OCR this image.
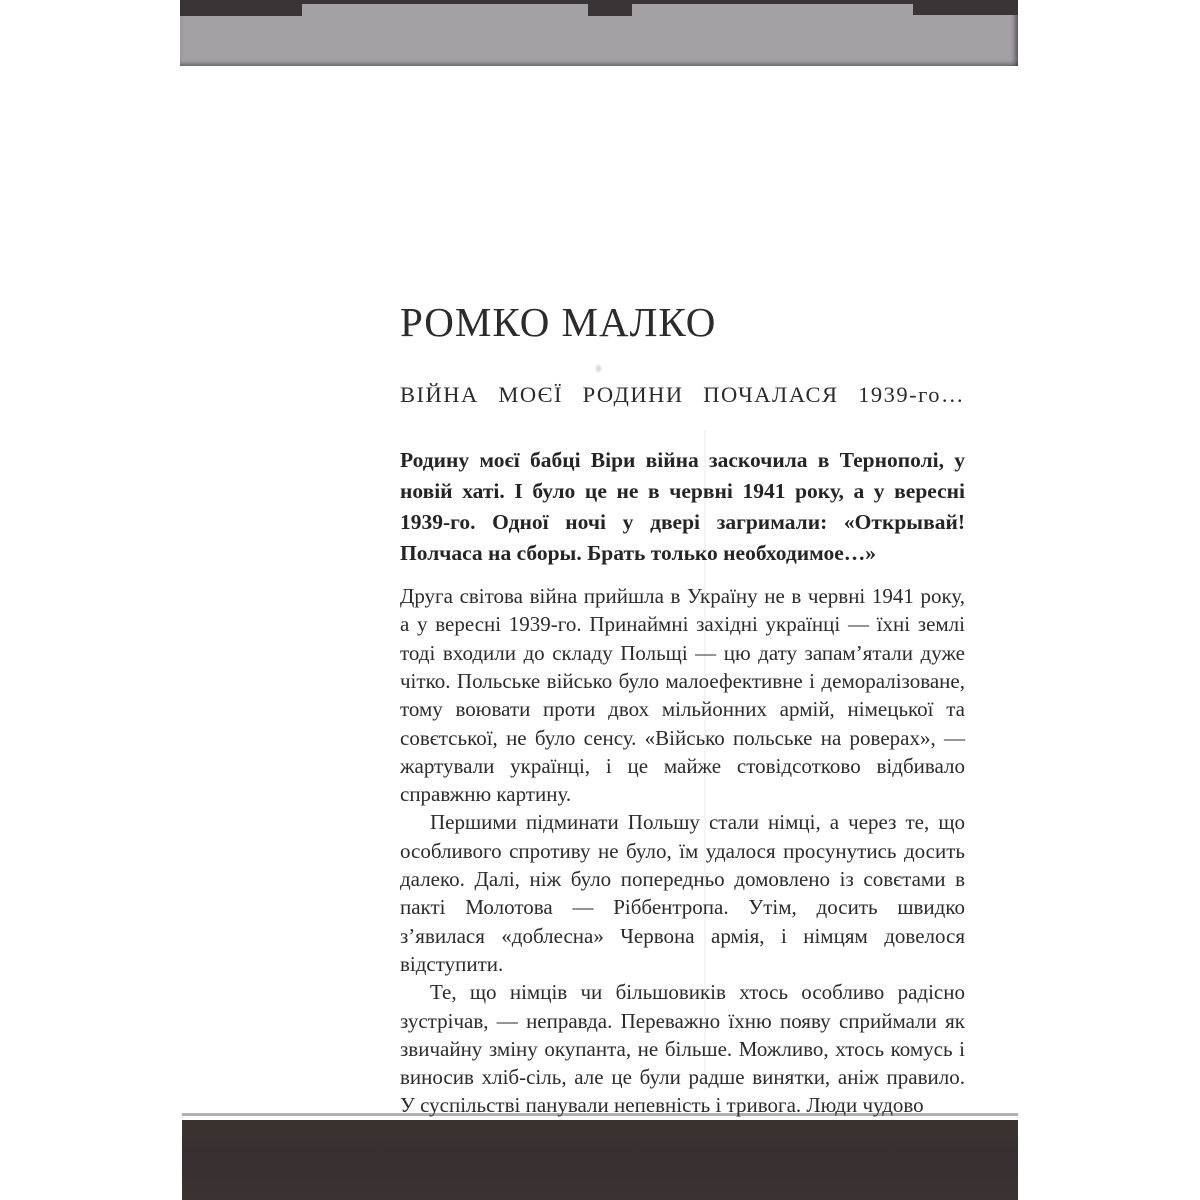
РОМКО МАЛКО
ВІЙНА МОЄЇ РОДИНИ ПОЧАЛАСЯ 1939-го…

Родину моєї бабці Віри війна заскочила в Тернополі, у новій хаті. І було це не в червні 1941 року, а у вересні 1939-го. Одної ночі у двері загримали: «Открывай! Полчаса на сборы. Брать только необходимое…»

Друга світова війна прийшла в Україну не в червні 1941 року, а у вересні 1939-го. Принаймні західні українці — їхні землі тоді входили до складу Польщі — цю дату запам’ятали дуже чітко. Польське військо було малоефективне і деморалізоване, тому воювати проти двох мільйонних армій, німецької та совєтської, не було сенсу. «Військо польське на роверах», — жартували українці, і це майже стовідсотково відбивало справжню картину.

Першими підминати Польшу стали німці, а через те, що особливого спротиву не було, їм удалося просунутись досить далеко. Далі, ніж було попередньо домовлено із совєтами в пакті Молотова — Ріббентропа. Утім, досить швидко з’явилася «доблесна» Червона армія, і німцям довелося відступити.

Те, що німців чи більшовиків хтось особливо радісно зустрічав, — неправда. Переважно їхню появу сприймали як звичайну зміну окупанта, не більше. Можливо, хтось комусь і виносив хліб-сіль, але це були радше винятки, аніж правило. У суспільстві панували непевність і тривога. Люди чудово
